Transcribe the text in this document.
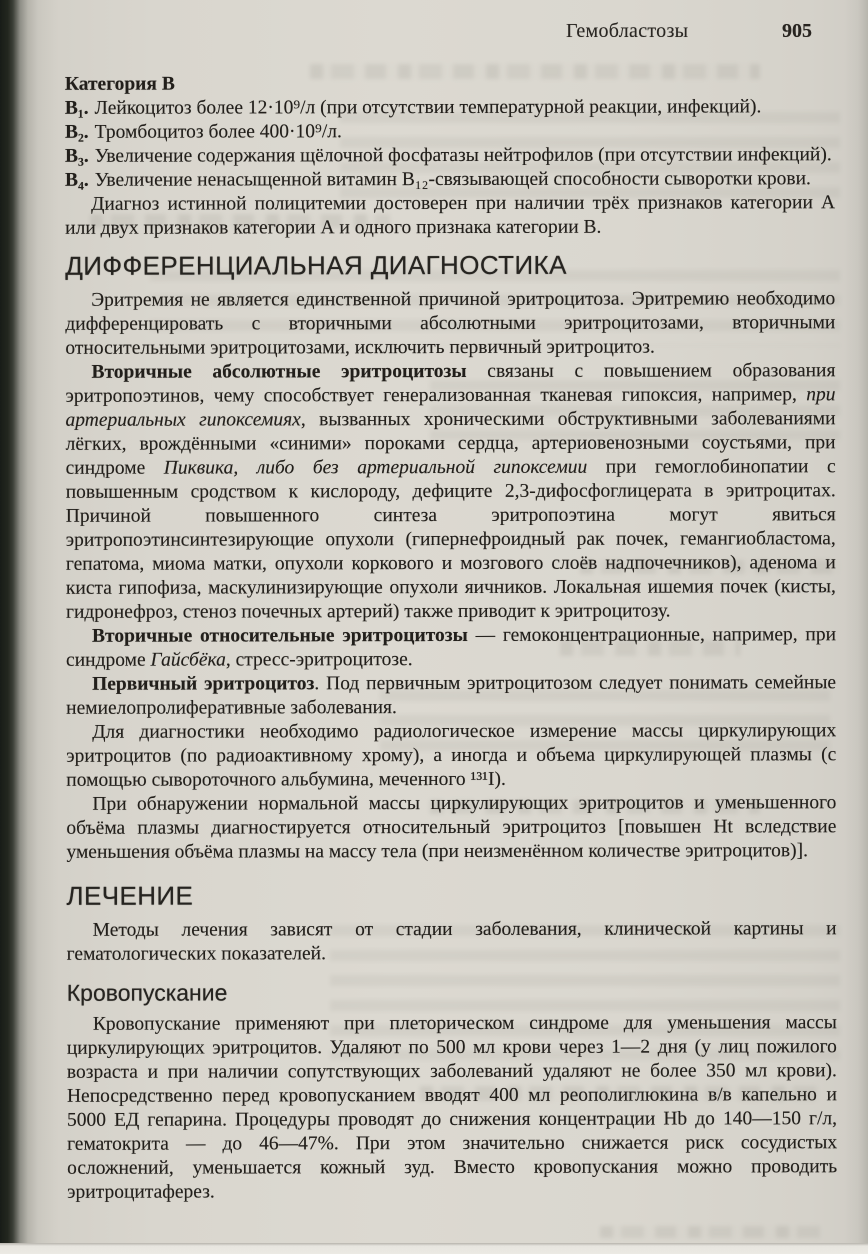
Гемобластозы	905

Категория В

В₁. Лейкоцитоз более 12·10⁹/л (при отсутствии температурной реакции, инфекций).
В₂. Тромбоцитоз более 400·10⁹/л.
В₃. Увеличение содержания щёлочной фосфатазы нейтрофилов (при отсутствии инфекций).
В₄. Увеличение ненасыщенной витамин В₁₂-связывающей способности сыворотки крови.

Диагноз истинной полицитемии достоверен при наличии трёх признаков категории А или двух признаков категории А и одного признака категории В.

ДИФФЕРЕНЦИАЛЬНАЯ ДИАГНОСТИКА

Эритремия не является единственной причиной эритроцитоза. Эритремию необходимо дифференцировать с вторичными абсолютными эритроцитозами, вторичными относительными эритроцитозами, исключить первичный эритроцитоз.

Вторичные абсолютные эритроцитозы связаны с повышением образования эритропоэтинов, чему способствует генерализованная тканевая гипоксия, например, при артериальных гипоксемиях, вызванных хроническими обструктивными заболеваниями лёгких, врождёнными «синими» пороками сердца, артериовенозными соустьями, при синдроме Пиквика, либо без артериальной гипоксемии при гемоглобинопатии с повышенным сродством к кислороду, дефиците 2,3-дифосфоглицерата в эритроцитах. Причиной повышенного синтеза эритропоэтина могут явиться эритропоэтинсинтезирующие опухоли (гипернефроидный рак почек, гемангиобластома, гепатома, миома матки, опухоли коркового и мозгового слоёв надпочечников), аденома и киста гипофиза, маскулинизирующие опухоли яичников. Локальная ишемия почек (кисты, гидронефроз, стеноз почечных артерий) также приводит к эритроцитозу.

Вторичные относительные эритроцитозы — гемоконцентрационные, например, при синдроме Гайсбёка, стресс-эритроцитозе.

Первичный эритроцитоз. Под первичным эритроцитозом следует понимать семейные немиелопролиферативные заболевания.

Для диагностики необходимо радиологическое измерение массы циркулирующих эритроцитов (по радиоактивному хрому), а иногда и объема циркулирующей плазмы (с помощью сывороточного альбумина, меченного ¹³¹I).

При обнаружении нормальной массы циркулирующих эритроцитов и уменьшенного объёма плазмы диагностируется относительный эритроцитоз [повышен Ht вследствие уменьшения объёма плазмы на массу тела (при неизменённом количестве эритроцитов)].

ЛЕЧЕНИЕ

Методы лечения зависят от стадии заболевания, клинической картины и гематологических показателей.

Кровопускание

Кровопускание применяют при плеторическом синдроме для уменьшения массы циркулирующих эритроцитов. Удаляют по 500 мл крови через 1—2 дня (у лиц пожилого возраста и при наличии сопутствующих заболеваний удаляют не более 350 мл крови). Непосредственно перед кровопусканием вводят 400 мл реополиглюкина в/в капельно и 5000 ЕД гепарина. Процедуры проводят до снижения концентрации Hb до 140—150 г/л, гематокрита — до 46—47%. При этом значительно снижается риск сосудистых осложнений, уменьшается кожный зуд. Вместо кровопускания можно проводить эритроцитаферез.
